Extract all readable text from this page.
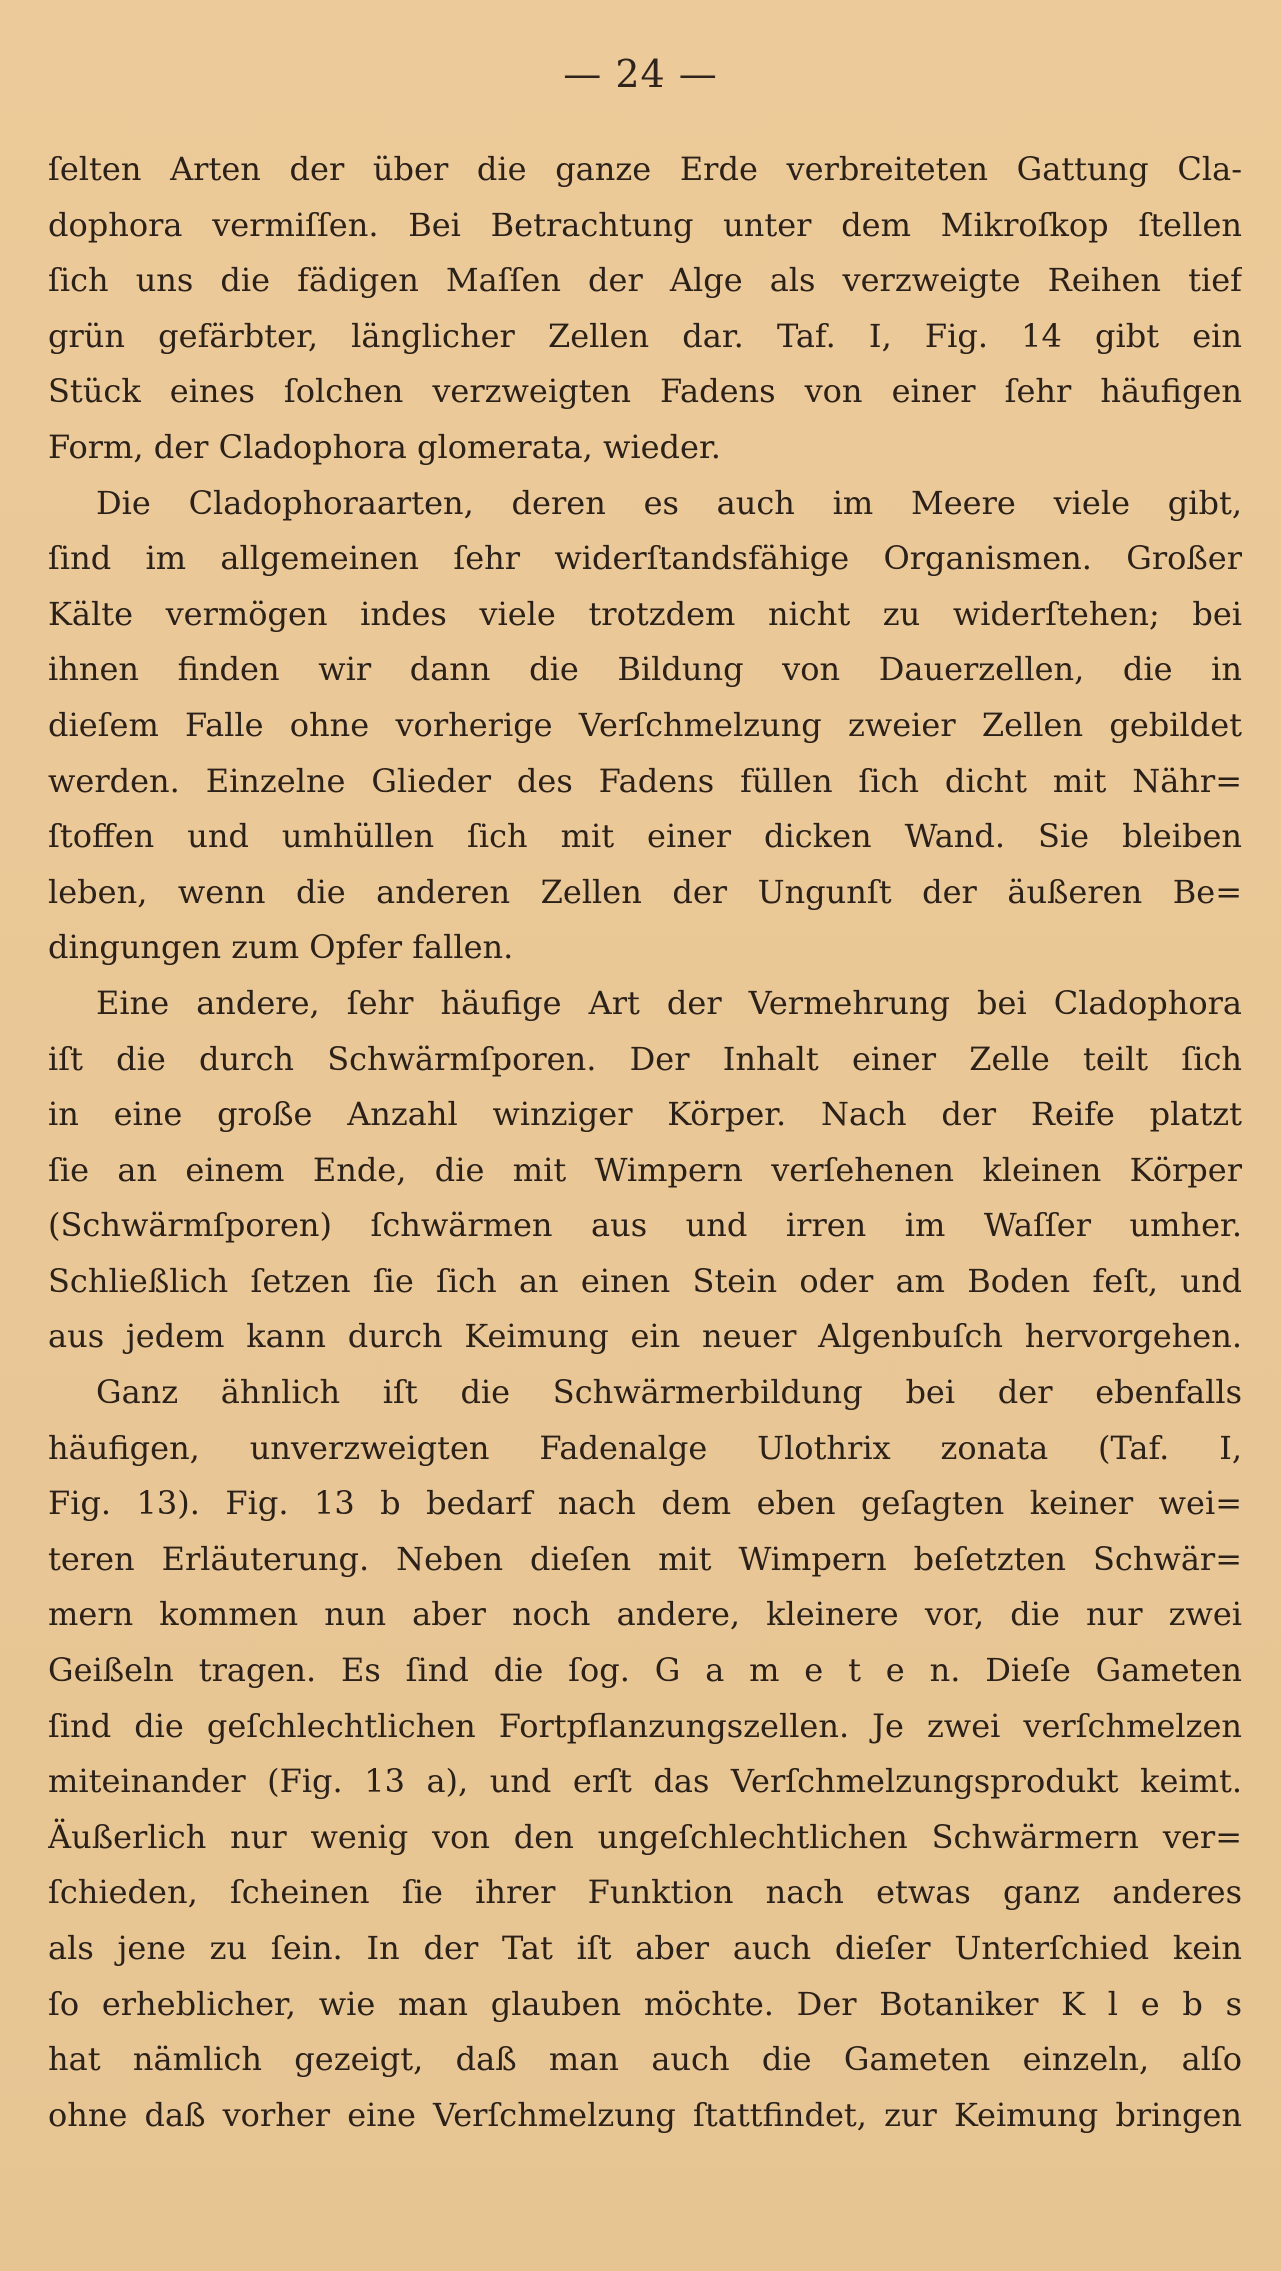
— 24 —
ſelten Arten der über die ganze Erde verbreiteten Gattung Cla-
dophora vermiſſen. Bei Betrachtung unter dem Mikroſkop ſtellen
ſich uns die fädigen Maſſen der Alge als verzweigte Reihen tief
grün gefärbter, länglicher Zellen dar. Taf. I, Fig. 14 gibt ein
Stück eines ſolchen verzweigten Fadens von einer ſehr häufigen
Form, der Cladophora glomerata, wieder.
Die Cladophoraarten, deren es auch im Meere viele gibt,
ſind im allgemeinen ſehr widerſtandsfähige Organismen. Großer
Kälte vermögen indes viele trotzdem nicht zu widerſtehen; bei
ihnen finden wir dann die Bildung von Dauerzellen, die in
dieſem Falle ohne vorherige Verſchmelzung zweier Zellen gebildet
werden. Einzelne Glieder des Fadens füllen ſich dicht mit Nähr=
ſtoffen und umhüllen ſich mit einer dicken Wand. Sie bleiben
leben, wenn die anderen Zellen der Ungunſt der äußeren Be=
dingungen zum Opfer fallen.
Eine andere, ſehr häufige Art der Vermehrung bei Cladophora
iſt die durch Schwärmſporen. Der Inhalt einer Zelle teilt ſich
in eine große Anzahl winziger Körper. Nach der Reife platzt
ſie an einem Ende, die mit Wimpern verſehenen kleinen Körper
(Schwärmſporen) ſchwärmen aus und irren im Waſſer umher.
Schließlich ſetzen ſie ſich an einen Stein oder am Boden feſt, und
aus jedem kann durch Keimung ein neuer Algenbuſch hervorgehen.
Ganz ähnlich iſt die Schwärmerbildung bei der ebenfalls
häufigen, unverzweigten Fadenalge Ulothrix zonata (Taf. I,
Fig. 13). Fig. 13 b bedarf nach dem eben geſagten keiner wei=
teren Erläuterung. Neben dieſen mit Wimpern beſetzten Schwär=
mern kommen nun aber noch andere, kleinere vor, die nur zwei
Geißeln tragen. Es ſind die ſog. G a m e t e n. Dieſe Gameten
ſind die geſchlechtlichen Fortpflanzungszellen. Je zwei verſchmelzen
miteinander (Fig. 13 a), und erſt das Verſchmelzungsprodukt keimt.
Äußerlich nur wenig von den ungeſchlechtlichen Schwärmern ver=
ſchieden, ſcheinen ſie ihrer Funktion nach etwas ganz anderes
als jene zu ſein. In der Tat iſt aber auch dieſer Unterſchied kein
ſo erheblicher, wie man glauben möchte. Der Botaniker K l e b s
hat nämlich gezeigt, daß man auch die Gameten einzeln, alſo
ohne daß vorher eine Verſchmelzung ſtattfindet, zur Keimung bringen
